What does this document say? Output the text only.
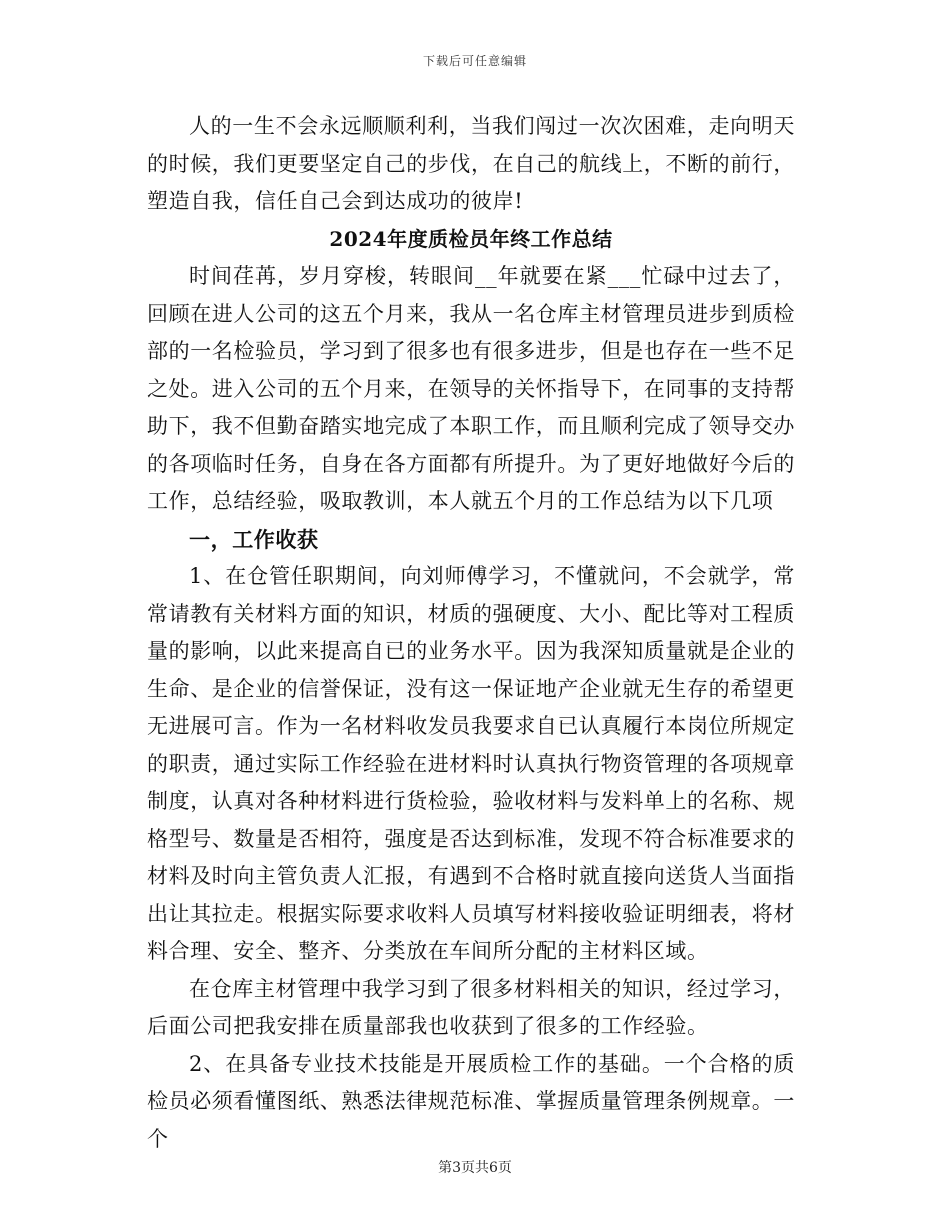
下载后可任意编辑

人的一生不会永远顺顺利利，当我们闯过一次次困难，走向明天的时候，我们更要坚定自己的步伐，在自己的航线上，不断的前行，塑造自我，信任自己会到达成功的彼岸!

2024年度质检员年终工作总结

时间荏苒，岁月穿梭，转眼间__年就要在紧___忙碌中过去了，回顾在进人公司的这五个月来，我从一名仓库主材管理员进步到质检部的一名检验员，学习到了很多也有很多进步，但是也存在一些不足之处。进入公司的五个月来，在领导的关怀指导下，在同事的支持帮助下，我不但勤奋踏实地完成了本职工作，而且顺利完成了领导交办的各项临时任务，自身在各方面都有所提升。为了更好地做好今后的工作，总结经验，吸取教训，本人就五个月的工作总结为以下几项

一，工作收获

1、在仓管任职期间，向刘师傅学习，不懂就问，不会就学，常常请教有关材料方面的知识，材质的强硬度、大小、配比等对工程质量的影响，以此来提高自已的业务水平。因为我深知质量就是企业的生命、是企业的信誉保证，没有这一保证地产企业就无生存的希望更无进展可言。作为一名材料收发员我要求自已认真履行本岗位所规定的职责，通过实际工作经验在进材料时认真执行物资管理的各项规章制度，认真对各种材料进行货检验，验收材料与发料单上的名称、规格型号、数量是否相符，强度是否达到标准，发现不符合标准要求的材料及时向主管负责人汇报，有遇到不合格时就直接向送货人当面指出让其拉走。根据实际要求收料人员填写材料接收验证明细表，将材料合理、安全、整齐、分类放在车间所分配的主材料区域。

在仓库主材管理中我学习到了很多材料相关的知识，经过学习，后面公司把我安排在质量部我也收获到了很多的工作经验。

2、在具备专业技术技能是开展质检工作的基础。一个合格的质检员必须看懂图纸、熟悉法律规范标准、掌握质量管理条例规章。一个

第3页共6页
